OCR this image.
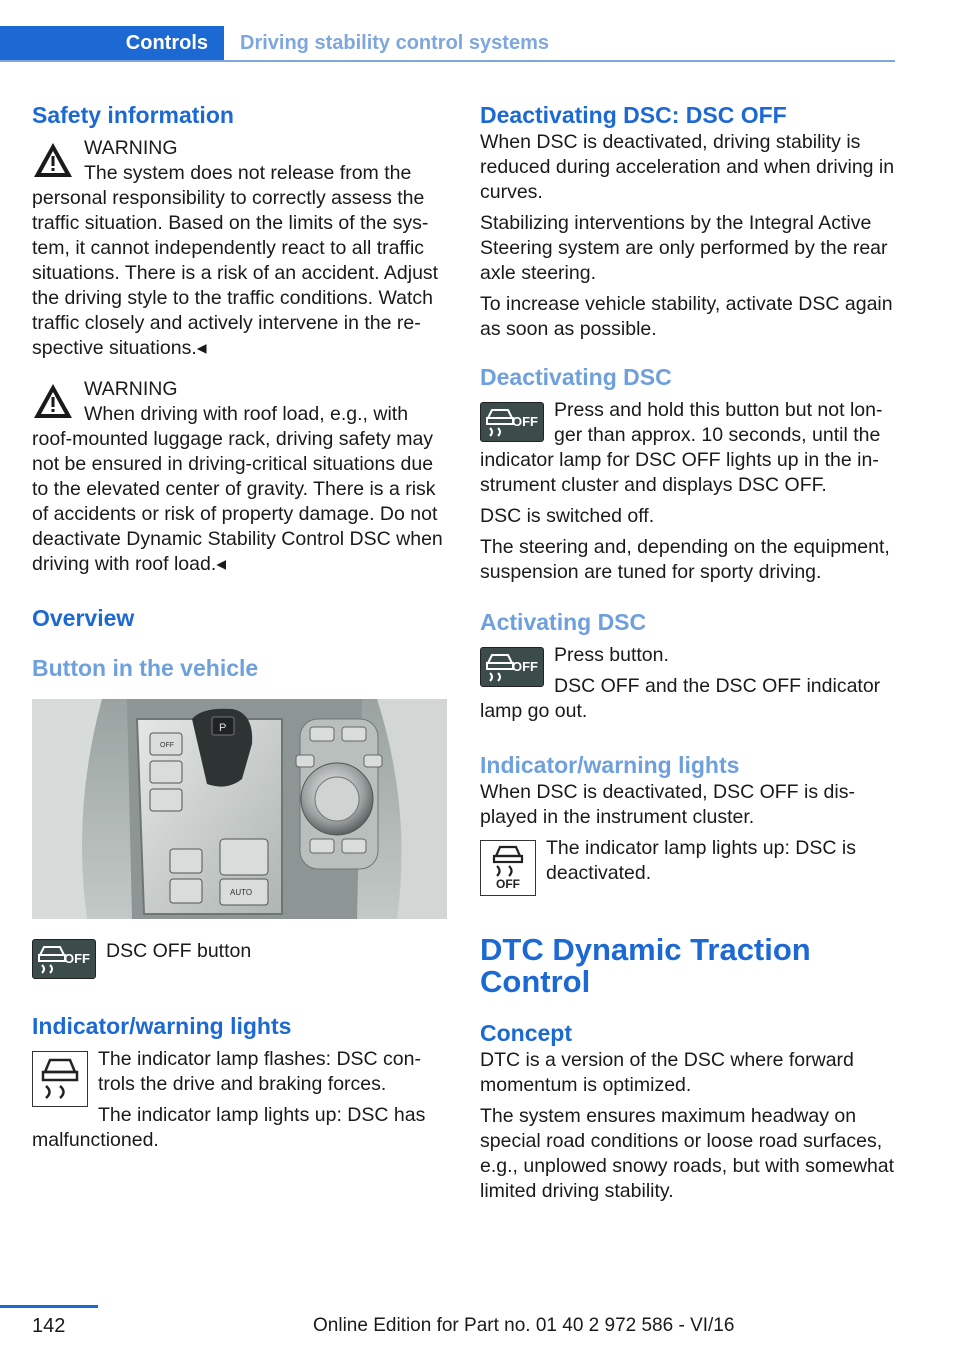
Controls	Driving stability control systems
Safety information

WARNING

The system does not release from the personal responsibility to correctly assess the traffic situation. Based on the limits of the system, it cannot independently react to all traffic situations. There is a risk of an accident. Adjust the driving style to the traffic conditions. Watch traffic closely and actively intervene in the respective situations.◂

WARNING

When driving with roof load, e.g., with roof-mounted luggage rack, driving safety may not be ensured in driving-critical situations due to the elevated center of gravity. There is a risk of accidents or risk of property damage. Do not deactivate Dynamic Stability Control DSC when driving with roof load.◂

Overview
Button in the vehicle
P
AUTO
OFF
OFF DSC OFF button

Indicator/warning lights

The indicator lamp flashes: DSC controls the drive and braking forces.

The indicator lamp lights up: DSC has malfunctioned.

Deactivating DSC: DSC OFF

When DSC is deactivated, driving stability is reduced during acceleration and when driving in curves.

Stabilizing interventions by the Integral Active Steering system are only performed by the rear axle steering.

To increase vehicle stability, activate DSC again as soon as possible.

Deactivating DSC
OFF

Press and hold this button but not longer than approx. 10 seconds, until the indicator lamp for DSC OFF lights up in the instrument cluster and displays DSC OFF.

DSC is switched off.

The steering and, depending on the equipment, suspension are tuned for sporty driving.

Activating DSC
OFF

Press button.

DSC OFF and the DSC OFF indicator lamp go out.

Indicator/warning lights

When DSC is deactivated, DSC OFF is displayed in the instrument cluster.

OFF

The indicator lamp lights up: DSC is deactivated.

DTC Dynamic Traction Control
Concept

DTC is a version of the DSC where forward momentum is optimized.

The system ensures maximum headway on special road conditions or loose road surfaces, e.g., unplowed snowy roads, but with somewhat limited driving stability.

142	Online Edition for Part no. 01 40 2 972 586 - VI/16
